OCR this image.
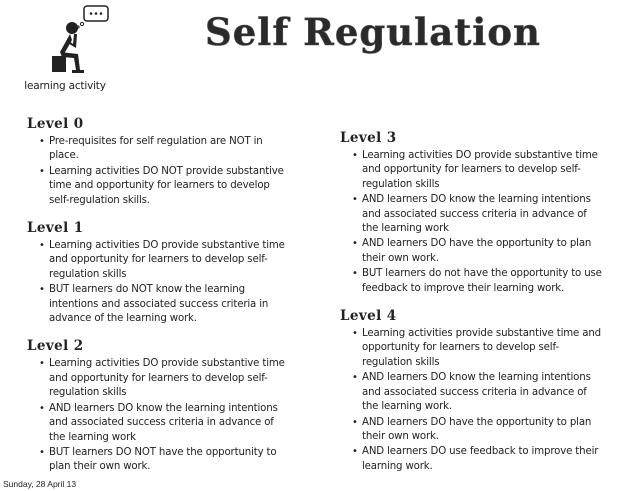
learning activity
Self Regulation
Level 0
• Pre-requisites for self regulation are NOT in place.
• Learning activities DO NOT provide substantive time and opportunity for learners to develop self-regulation skills.
Level 1
• Learning activities DO provide substantive time and opportunity for learners to develop self-regulation skills
• BUT learners do NOT know the learning intentions and associated success criteria in advance of the learning work.
Level 2
• Learning activities DO provide substantive time and opportunity for learners to develop self-regulation skills
• AND learners DO know the learning intentions and associated success criteria in advance of the learning work
• BUT learners DO NOT have the opportunity to plan their own work.
Level 3
• Learning activities DO provide substantive time and opportunity for learners to develop self-regulation skills
• AND learners DO know the learning intentions and associated success criteria in advance of the learning work
• AND learners DO have the opportunity to plan their own work.
• BUT learners do not have the opportunity to use feedback to improve their learning work.
Level 4
• Learning activities provide substantive time and opportunity for learners to develop self-regulation skills
• AND learners DO know the learning intentions and associated success criteria in advance of the learning work.
• AND learners DO have the opportunity to plan their own work.
• AND learners DO use feedback to improve their learning work.

Sunday, 28 April 13
